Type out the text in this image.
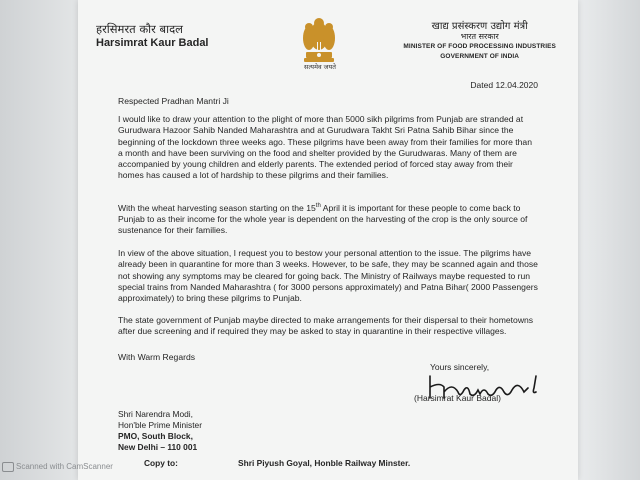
हरसिमरत कौर बादल
Harsimrat Kaur Badal
सत्यमेव जयते
खाद्य प्रसंस्करण उद्योग मंत्री
भारत सरकार
MINISTER OF FOOD PROCESSING INDUSTRIES
GOVERNMENT OF INDIA
Dated 12.04.2020
Respected Pradhan Mantri Ji

I would like to draw your attention to the plight of more than 5000 sikh pilgrims from Punjab are stranded at Gurudwara Hazoor Sahib Nanded Maharashtra and at Gurudwara Takht Sri Patna Sahib Bihar since the beginning of the lockdown three weeks ago. These pilgrims have been away from their families for more than a month and have been surviving on the food and shelter provided by the Gurudwaras. Many of them are accompanied by young children and elderly parents. The extended period of forced stay away from their homes has caused a lot of hardship to these pilgrims and their families.

With the wheat harvesting season starting on the 15th April it is important for these people to come back to Punjab to as their income for the whole year is dependent on the harvesting of the crop is the only source of sustenance for their families.

In view of the above situation, I request you to bestow your personal attention to the issue. The pilgrims have already been in quarantine for more than 3 weeks. However, to be safe, they may be scanned again and those not showing any symptoms may be cleared for going back. The Ministry of Railways maybe requested to run special trains from Nanded Maharashtra ( for 3000 persons approximately) and Patna Bihar( 2000 Passengers approximately) to bring these pilgrims to Punjab.

The state government of Punjab maybe directed to make arrangements for their dispersal to their hometowns after due screening and if required they may be asked to stay in quarantine in their respective villages.

With Warm Regards
Yours sincerely,
(Harsimrat Kaur Badal)
Shri Narendra Modi,
Hon'ble Prime Minister
PMO, South Block,
New Delhi – 110 001
Copy to:	Shri Piyush Goyal, Honble Railway Minster.
Scanned with CamScanner
